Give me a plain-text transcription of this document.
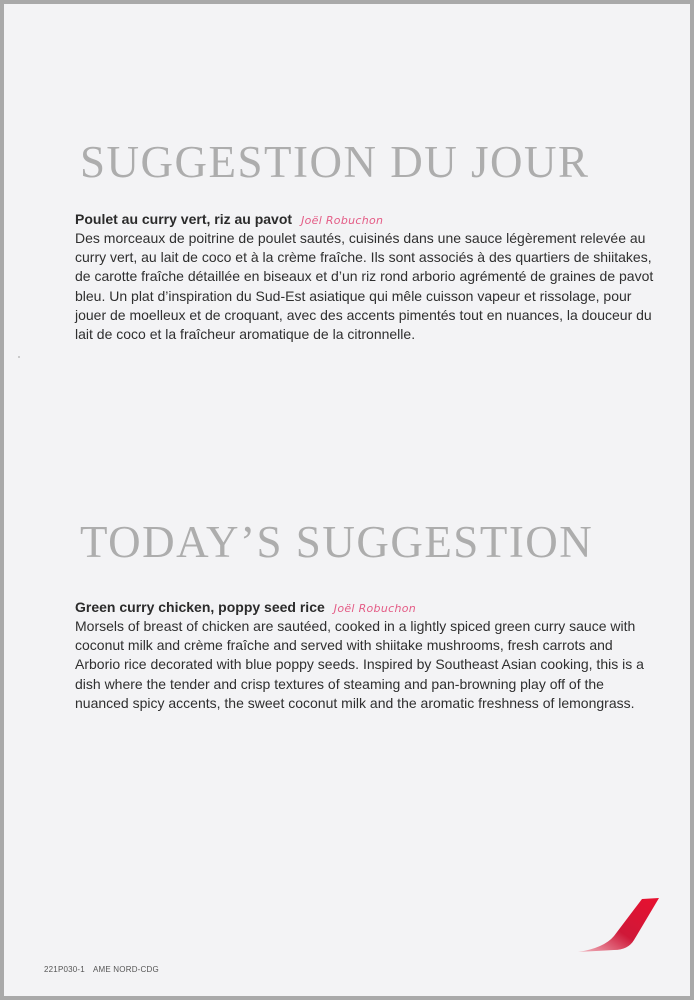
SUGGESTION DU JOUR
Poulet au curry vert, riz au pavot Joël Robuchon

Des morceaux de poitrine de poulet sautés, cuisinés dans une sauce légèrement relevée au curry vert, au lait de coco et à la crème fraîche. Ils sont associés à des quartiers de shiitakes, de carotte fraîche détaillée en biseaux et d’un riz rond arborio agrémenté de graines de pavot bleu. Un plat d’inspiration du Sud-Est asiatique qui mêle cuisson vapeur et rissolage, pour jouer de moelleux et de croquant, avec des accents pimentés tout en nuances, la douceur du lait de coco et la fraîcheur aromatique de la citronnelle.

TODAY’S SUGGESTION
Green curry chicken, poppy seed rice Joël Robuchon

Morsels of breast of chicken are sautéed, cooked in a lightly spiced green curry sauce with coconut milk and crème fraîche and served with shiitake mushrooms, fresh carrots and Arborio rice decorated with blue poppy seeds. Inspired by Southeast Asian cooking, this is a dish where the tender and crisp textures of steaming and pan-browning play off of the nuanced spicy accents, the sweet coconut milk and the aromatic freshness of lemongrass.

221P030-1 AME NORD-CDG
